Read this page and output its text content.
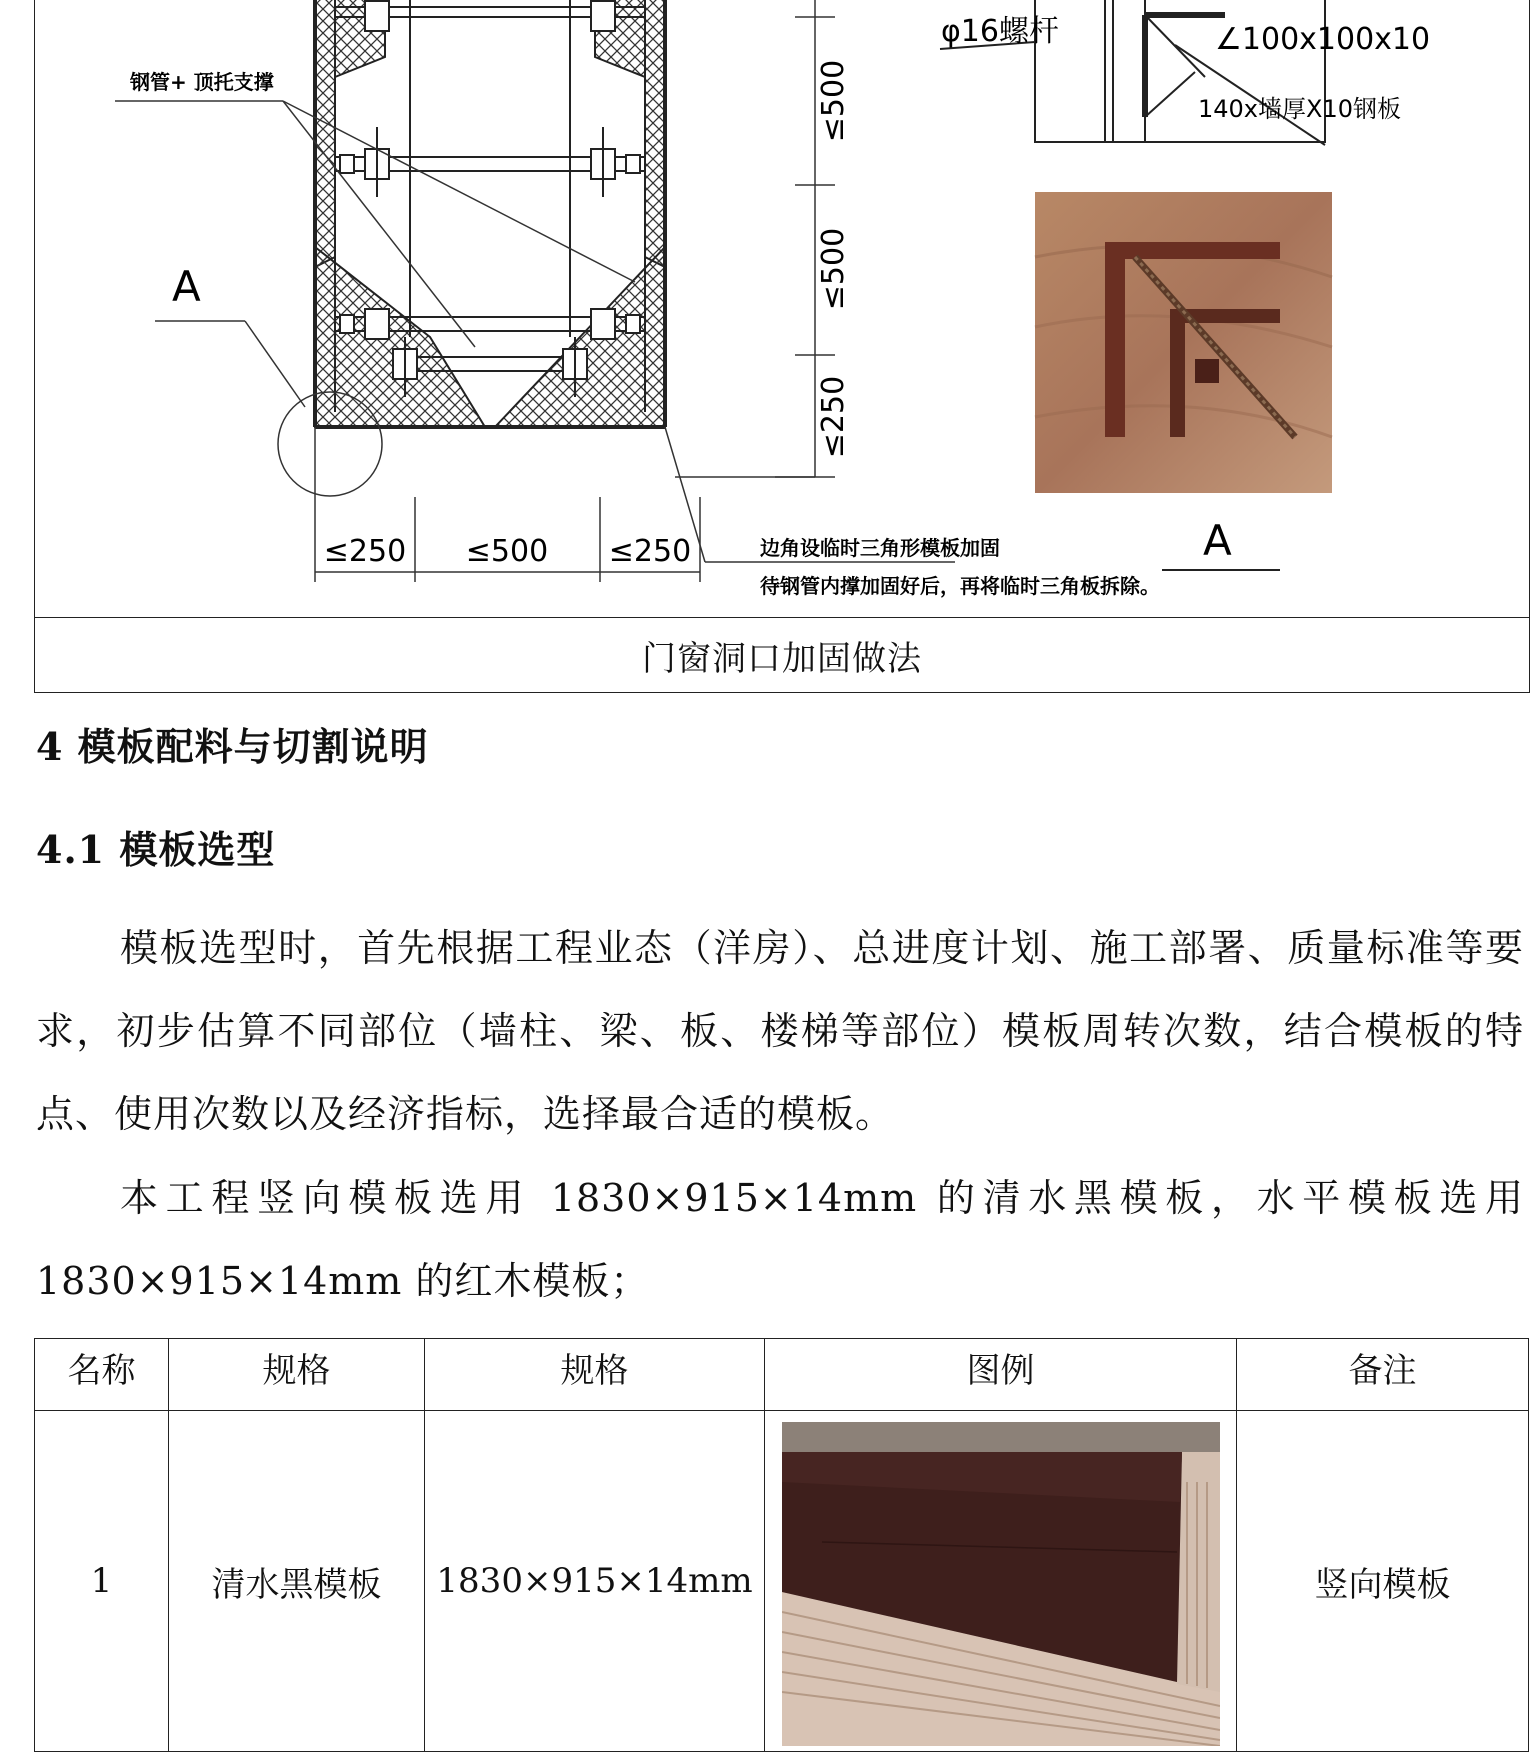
钢管+ 顶托支撑
A
≤500
≤500
≤250
≤250 ≤500 ≤250	边角设临时三角形模板加固
待钢管内撑加固好后，再将临时三角板拆除。
φ16螺杆	∠100x100x10
140x墙厚X10钢板
A
门窗洞口加固做法
4 模板配料与切割说明
4.1 模板选型
模板选型时，首先根据工程业态（洋房）、总进度计划、施工部署、质量标准等要求，初步估算不同部位（墙柱、梁、板、楼梯等部位）模板周转次数，结合模板的特点、使用次数以及经济指标，选择最合适的模板。
本工程竖向模板选用 1830×915×14mm 的清水黑模板，水平模板选用 1830×915×14mm 的红木模板；
名称	规格	规格	图例	备注
1	清水黑模板	1830×915×14mm		竖向模板
